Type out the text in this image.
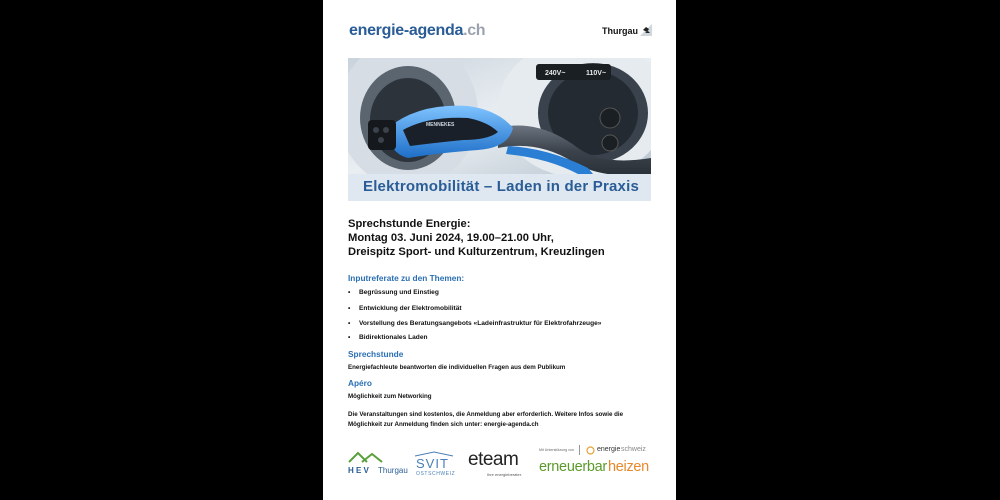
energie-agenda.ch	Thurgau
240V~	110V~
MENNEKES
Elektromobilität – Laden in der Praxis
Sprechstunde Energie:
Montag 03. Juni 2024, 19.00–21.00 Uhr,
Dreispitz Sport- und Kulturzentrum, Kreuzlingen
Inputreferate zu den Themen:
• Begrüssung und Einstieg
• Entwicklung der Elektromobilität
• Vorstellung des Beratungsangebots «Ladeinfrastruktur für Elektrofahrzeuge»
• Bidirektionales Laden
Sprechstunde
Energiefachleute beantworten die individuellen Fragen aus dem Publikum
Apéro
Möglichkeit zum Networking
Die Veranstaltungen sind kostenlos, die Anmeldung aber erforderlich. Weitere Infos sowie die Möglichkeit zur Anmeldung finden sich unter: energie-agenda.ch
H E V Thurgau SVIT
OSTSCHWEIZ
eteam
Ihre energieberater.
Mit Unterstützung von	energie schweiz
erneuerbar heizen
